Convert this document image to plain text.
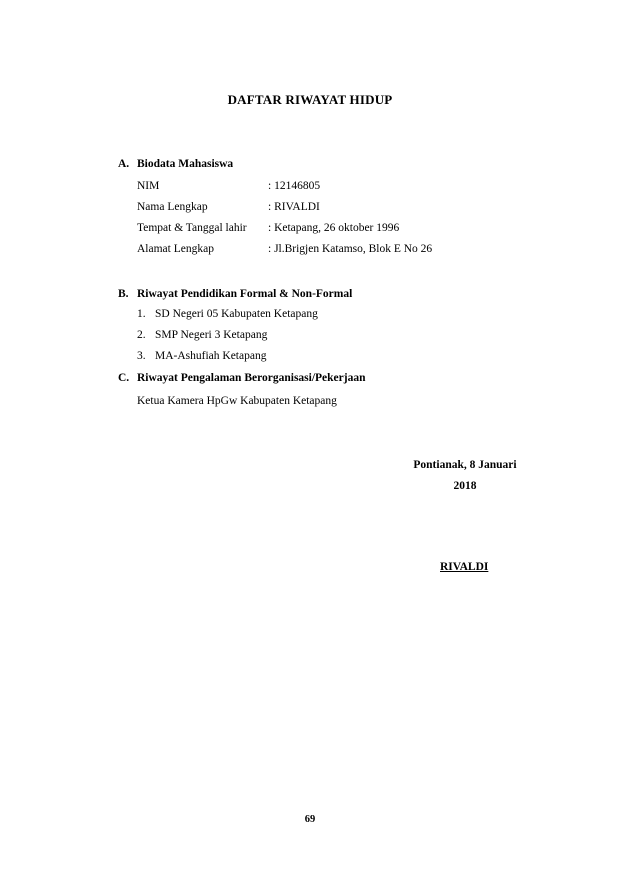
DAFTAR RIWAYAT HIDUP
A. Biodata Mahasiswa
NIM	: 12146805
Nama Lengkap	: RIVALDI
Tempat & Tanggal lahir : Ketapang, 26 oktober 1996
Alamat Lengkap	: Jl.Brigjen Katamso, Blok E No 26
B. Riwayat Pendidikan Formal & Non-Formal
1. SD Negeri 05 Kabupaten Ketapang
2. SMP Negeri 3 Ketapang
3. MA-Ashufiah Ketapang
C. Riwayat Pengalaman Berorganisasi/Pekerjaan
Ketua Kamera HpGw Kabupaten Ketapang
Pontianak, 8 Januari
2018
RIVALDI
69
